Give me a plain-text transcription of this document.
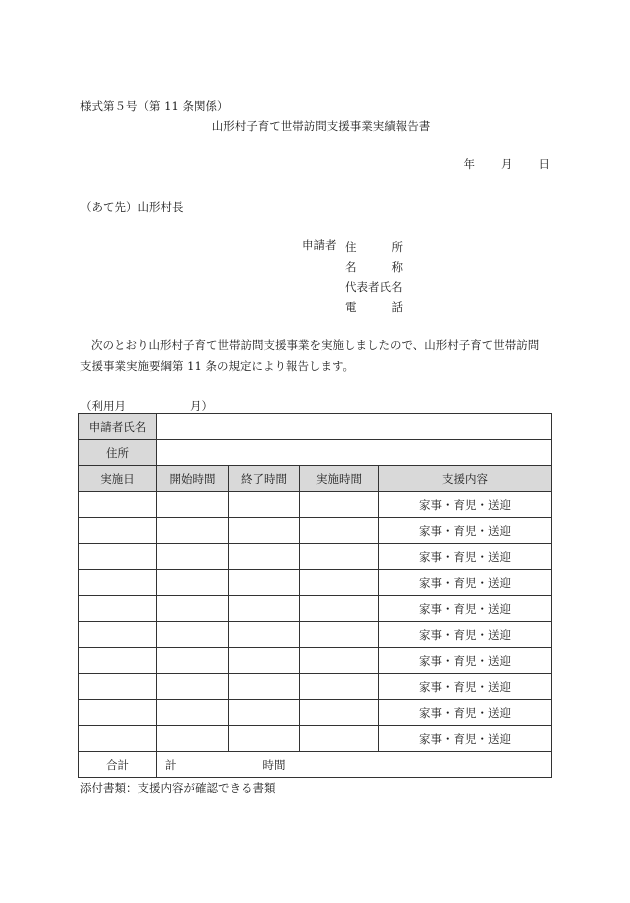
様式第５号（第 11 条関係）
山形村子育て世帯訪問支援事業実績報告書
年 月 日
（あて先）山形村長
申請者 住所
名称
代表者氏名
電話
次のとおり山形村子育て世帯訪問支援事業を実施しましたので、山形村子育て世帯訪問支援事業実施要綱第 11 条の規定により報告します。
（利用月	月）
申請者氏名				
住所				
実施日	開始時間	終了時間	実施時間	支援内容
				家事・育児・送迎
				家事・育児・送迎
				家事・育児・送迎
				家事・育児・送迎
				家事・育児・送迎
				家事・育児・送迎
				家事・育児・送迎
				家事・育児・送迎
				家事・育児・送迎
				家事・育児・送迎
合計	計 時間			
添付書類：支援内容が確認できる書類
